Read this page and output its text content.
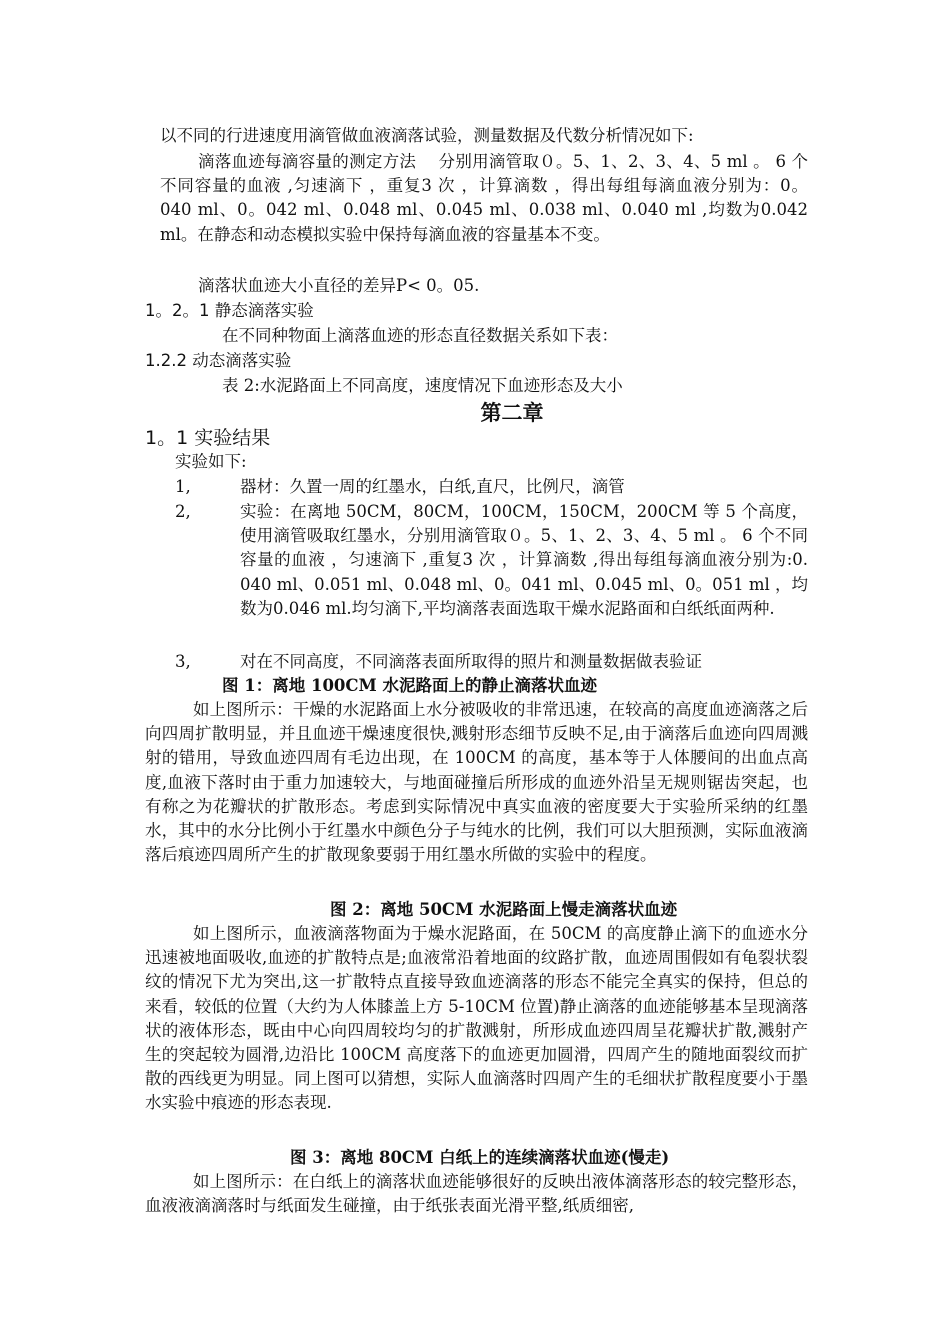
以不同的行进速度用滴管做血液滴落试验，测量数据及代数分析情况如下:
滴落血迹每滴容量的测定方法　 分别用滴管取０。5、1、2、3、4、5 ml 。 6 个不同容量的血液 ,匀速滴下 ，重复3 次 ，计算滴数 ，得出每组每滴血液分别为：0。 040 ml、0。042 ml、0.048 ml、0.045 ml、0.038 ml、0.040 ml ,均数为0.042 ml。在静态和动态模拟实验中保持每滴血液的容量基本不变。
滴落状血迹大小直径的差异P< 0。05.
1。2。1 静态滴落实验
在不同种物面上滴落血迹的形态直径数据关系如下表：
1.2.2 动态滴落实验
表 2:水泥路面上不同高度，速度情况下血迹形态及大小
第二章
1。1 实验结果
实验如下:
1,	器材：久置一周的红墨水，白纸,直尺，比例尺，滴管
2,	实验：在离地 50CM，80CM，100CM，150CM，200CM 等 5 个高度，使用滴管吸取红墨水，分别用滴管取０。5、1、2、3、4、5 ml 。 6 个不同容量的血液 ，匀速滴下 ,重复3 次 ，计算滴数 ,得出每组每滴血液分别为:0. 040 ml、0.051 ml、0.048 ml、0。041 ml、0.045 ml、0。051 ml ，均数为0.046 ml.均匀滴下,平均滴落表面选取干燥水泥路面和白纸纸面两种.
3,	对在不同高度，不同滴落表面所取得的照片和测量数据做表验证
图 1：离地 100CM 水泥路面上的静止滴落状血迹
如上图所示：干燥的水泥路面上水分被吸收的非常迅速，在较高的高度血迹滴落之后向四周扩散明显，并且血迹干燥速度很快,溅射形态细节反映不足,由于滴落后血迹向四周溅射的错用，导致血迹四周有毛边出现，在 100CM 的高度，基本等于人体腰间的出血点高度,血液下落时由于重力加速较大，与地面碰撞后所形成的血迹外沿呈无规则锯齿突起，也有称之为花瓣状的扩散形态。考虑到实际情况中真实血液的密度要大于实验所采纳的红墨水，其中的水分比例小于红墨水中颜色分子与纯水的比例，我们可以大胆预测，实际血液滴落后痕迹四周所产生的扩散现象要弱于用红墨水所做的实验中的程度。
图 2：离地 50CM 水泥路面上慢走滴落状血迹
如上图所示，血液滴落物面为于燥水泥路面，在 50CM 的高度静止滴下的血迹水分迅速被地面吸收,血迹的扩散特点是;血液常沿着地面的纹路扩散，血迹周围假如有龟裂状裂纹的情况下尤为突出,这一扩散特点直接导致血迹滴落的形态不能完全真实的保持，但总的来看，较低的位置（大约为人体膝盖上方 5-10CM 位置)静止滴落的血迹能够基本呈现滴落状的液体形态，既由中心向四周较均匀的扩散溅射，所形成血迹四周呈花瓣状扩散,溅射产生的突起较为圆滑,边沿比 100CM 高度落下的血迹更加圆滑，四周产生的随地面裂纹而扩散的西线更为明显。同上图可以猜想，实际人血滴落时四周产生的毛细状扩散程度要小于墨水实验中痕迹的形态表现.
图 3：离地 80CM 白纸上的连续滴落状血迹(慢走)
如上图所示：在白纸上的滴落状血迹能够很好的反映出液体滴落形态的较完整形态，血液液滴滴落时与纸面发生碰撞，由于纸张表面光滑平整,纸质细密,
